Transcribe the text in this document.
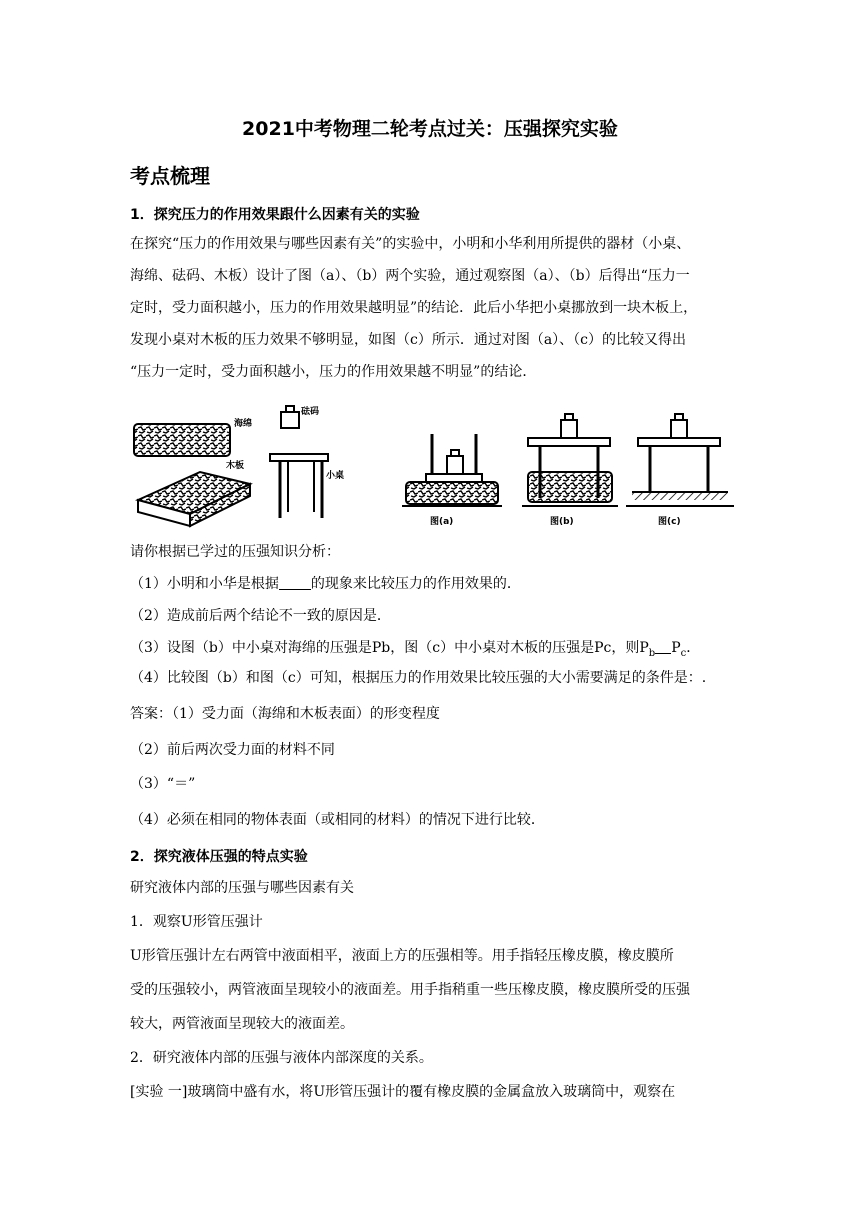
2021中考物理二轮考点过关：压强探究实验
考点梳理
1．探究压力的作用效果跟什么因素有关的实验
在探究“压力的作用效果与哪些因素有关”的实验中，小明和小华利用所提供的器材（小桌、
海绵、砝码、木板）设计了图（a）、（b）两个实验，通过观察图（a）、（b）后得出“压力一
定时，受力面积越小，压力的作用效果越明显”的结论．此后小华把小桌挪放到一块木板上，
发现小桌对木板的压力效果不够明显，如图（c）所示．通过对图（a）、（c）的比较又得出
“压力一定时，受力面积越小，压力的作用效果越不明显”的结论．
海绵
木板
砝码
小桌
图(a)	图(b)	图(c)
请你根据已学过的压强知识分析：
（1）小明和小华是根据 的现象来比较压力的作用效果的．
（2）造成前后两个结论不一致的原因是．
（3）设图（b）中小桌对海绵的压强是Pb，图（c）中小桌对木板的压强是Pc，则$P_b$ $P_c$．
（4）比较图（b）和图（c）可知，根据压力的作用效果比较压强的大小需要满足的条件是：.
答案：（1）受力面（海绵和木板表面）的形变程度
（2）前后两次受力面的材料不同
（3）“＝”
（4）必须在相同的物体表面（或相同的材料）的情况下进行比较．
2．探究液体压强的特点实验
研究液体内部的压强与哪些因素有关
1．观察U形管压强计
U形管压强计左右两管中液面相平，液面上方的压强相等。用手指轻压橡皮膜，橡皮膜所
受的压强较小，两管液面呈现较小的液面差。用手指稍重一些压橡皮膜，橡皮膜所受的压强
较大，两管液面呈现较大的液面差。
2．研究液体内部的压强与液体内部深度的关系。
[实验 一]玻璃筒中盛有水，将U形管压强计的覆有橡皮膜的金属盒放入玻璃筒中，观察在
